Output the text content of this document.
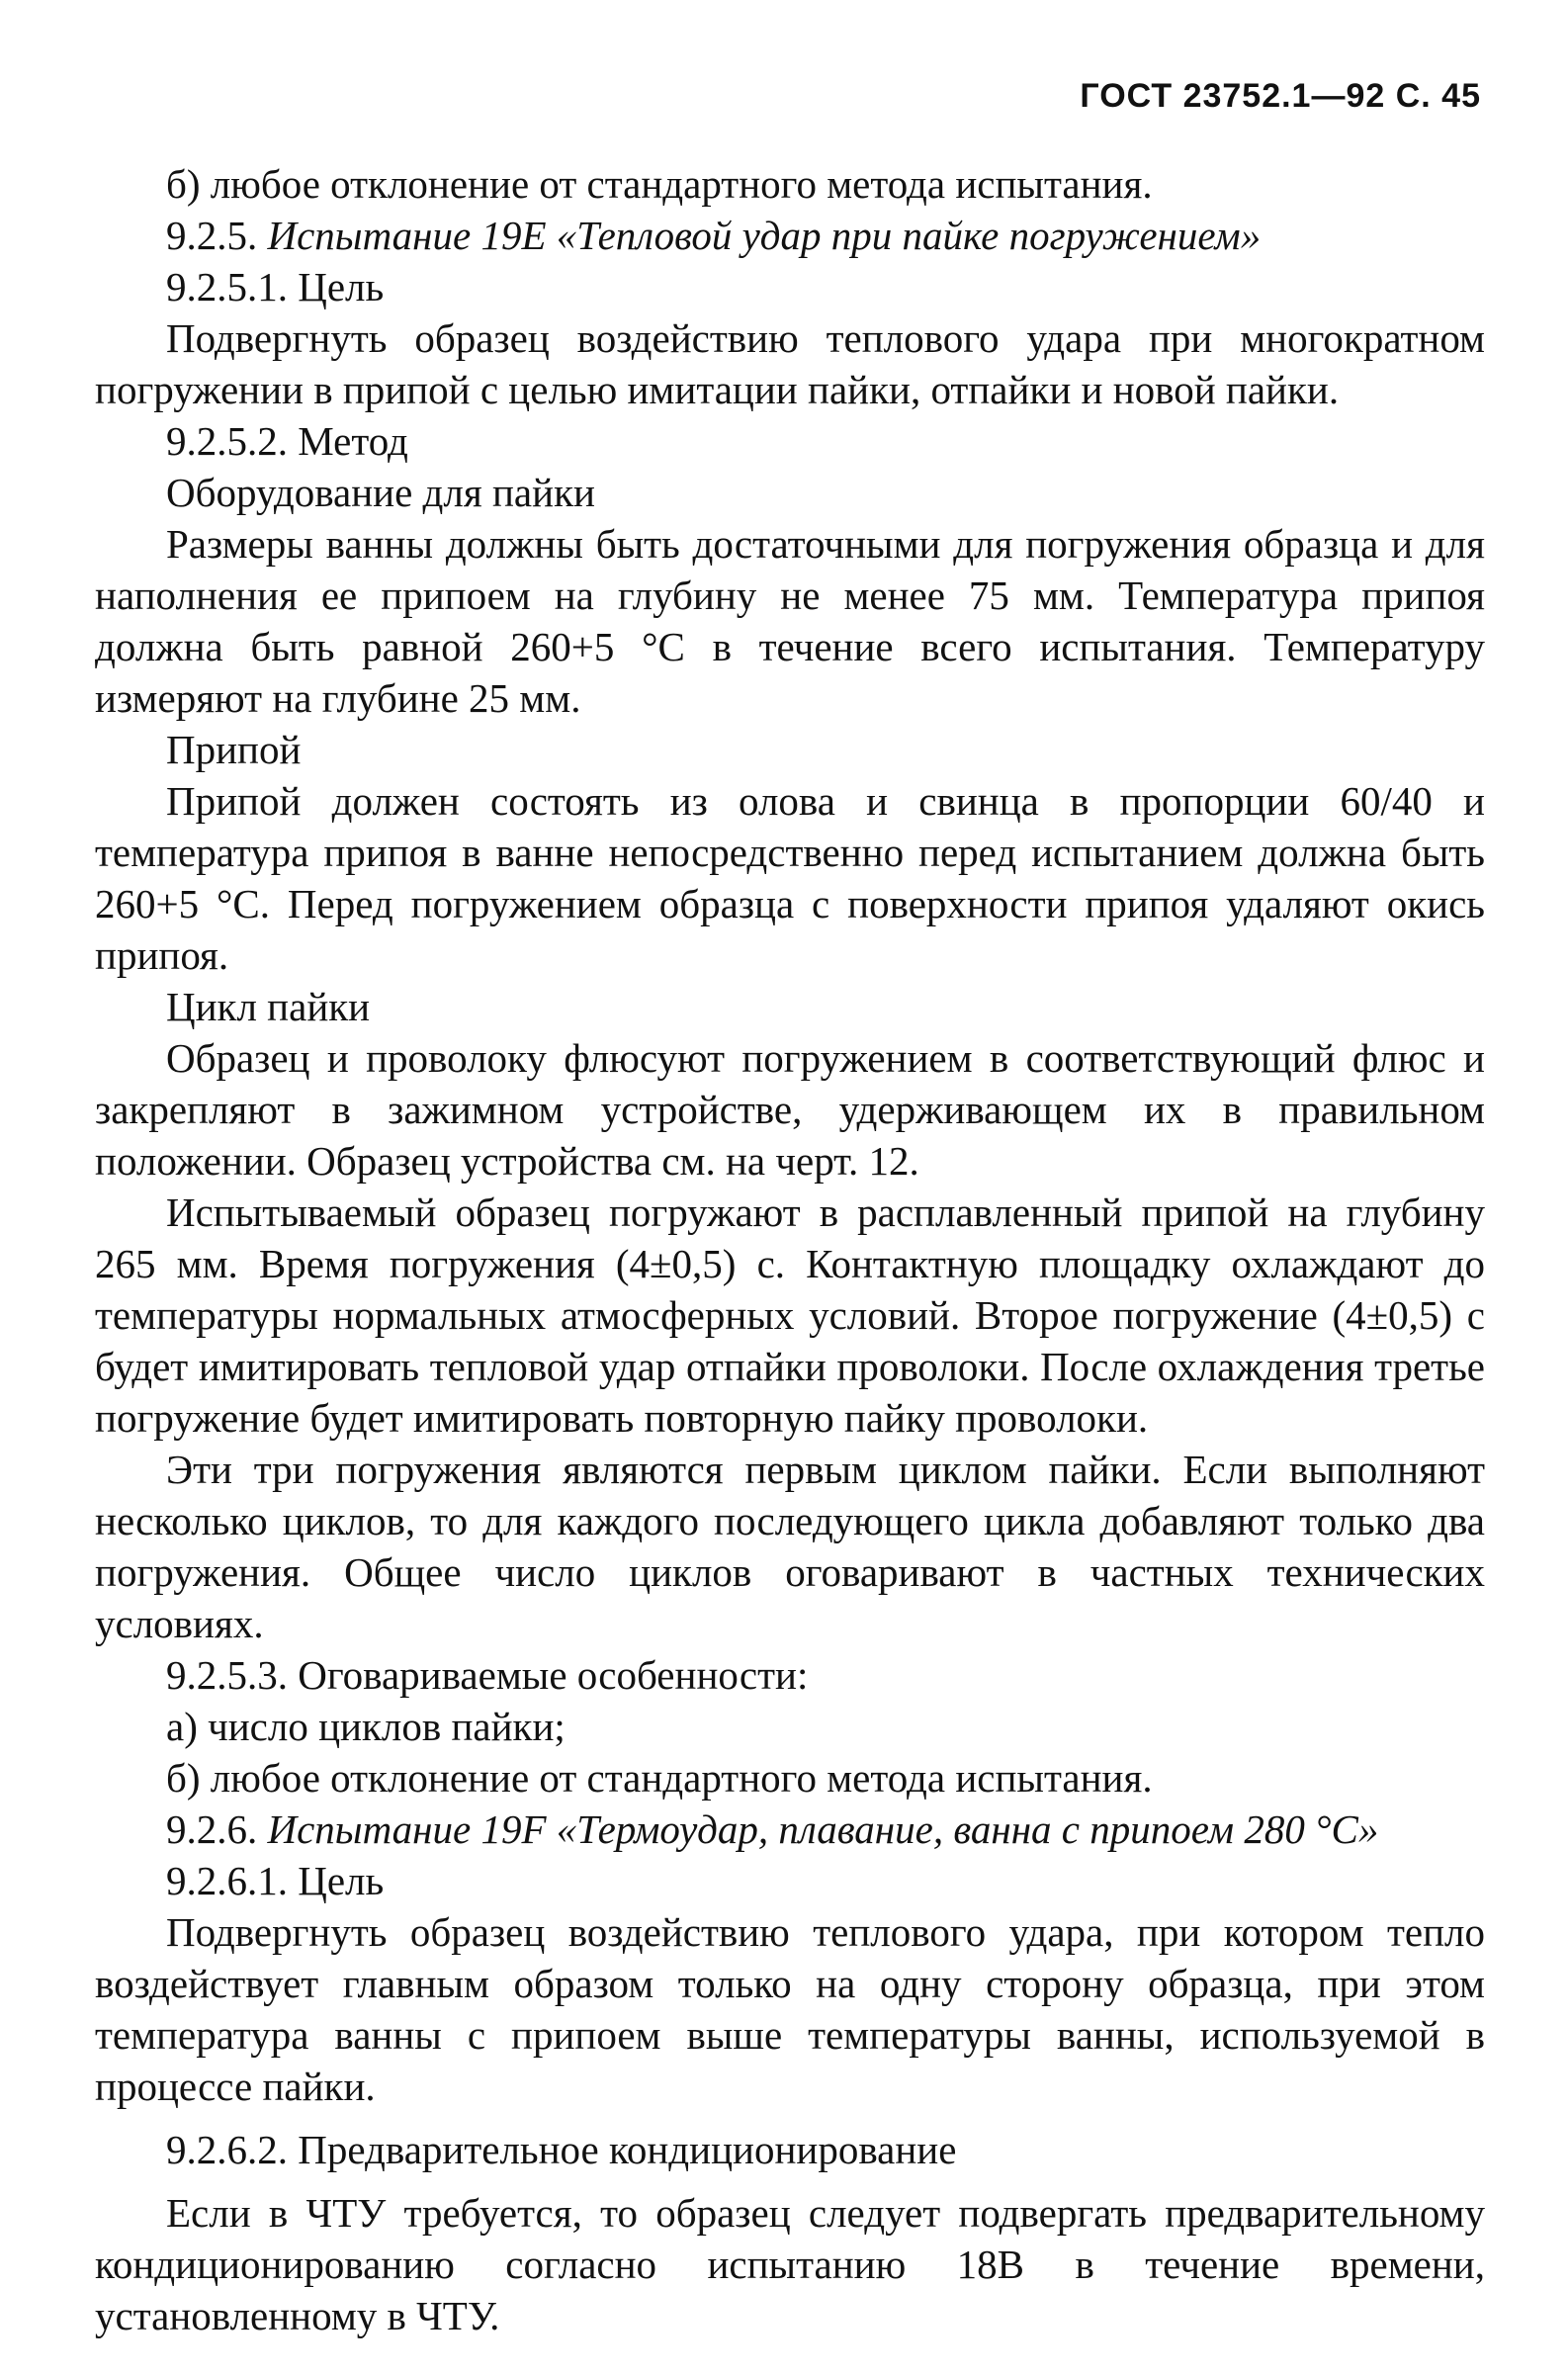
ГОСТ 23752.1—92 С. 45

б) любое отклонение от стандартного метода испытания.

9.2.5. Испытание 19E «Тепловой удар при пайке погружением»

9.2.5.1. Цель

Подвергнуть образец воздействию теплового удара при многократном погружении в припой с целью имитации пайки, отпайки и новой пайки.

9.2.5.2. Метод

Оборудование для пайки

Размеры ванны должны быть достаточными для погружения образца и для наполнения ее припоем на глубину не менее 75 мм. Температура припоя должна быть равной 260+5 °С в течение всего испытания. Температуру измеряют на глубине 25 мм.

Припой

Припой должен состоять из олова и свинца в пропорции 60/40 и температура припоя в ванне непосредственно перед испытанием должна быть 260+5 °С. Перед погружением образца с поверхности припоя удаляют окись припоя.

Цикл пайки

Образец и проволоку флюсуют погружением в соответствующий флюс и закрепляют в зажимном устройстве, удерживающем их в правильном положении. Образец устройства см. на черт. 12.

Испытываемый образец погружают в расплавленный припой на глубину 265 мм. Время погружения (4±0,5) с. Контактную площадку охлаждают до температуры нормальных атмосферных условий. Второе погружение (4±0,5) с будет имитировать тепловой удар отпайки проволоки. После охлаждения третье погружение будет имитировать повторную пайку проволоки.

Эти три погружения являются первым циклом пайки. Если выполняют несколько циклов, то для каждого последующего цикла добавляют только два погружения. Общее число циклов оговаривают в частных технических условиях.

9.2.5.3. Оговариваемые особенности:

а) число циклов пайки;

б) любое отклонение от стандартного метода испытания.

9.2.6. Испытание 19F «Термоудар, плавание, ванна с припоем 280 °С»

9.2.6.1. Цель

Подвергнуть образец воздействию теплового удара, при котором тепло воздействует главным образом только на одну сторону образца, при этом температура ванны с припоем выше температуры ванны, используемой в процессе пайки.

9.2.6.2. Предварительное кондиционирование

Если в ЧТУ требуется, то образец следует подвергать предварительному кондиционированию согласно испытанию 18В в течение времени, установленному в ЧТУ.
